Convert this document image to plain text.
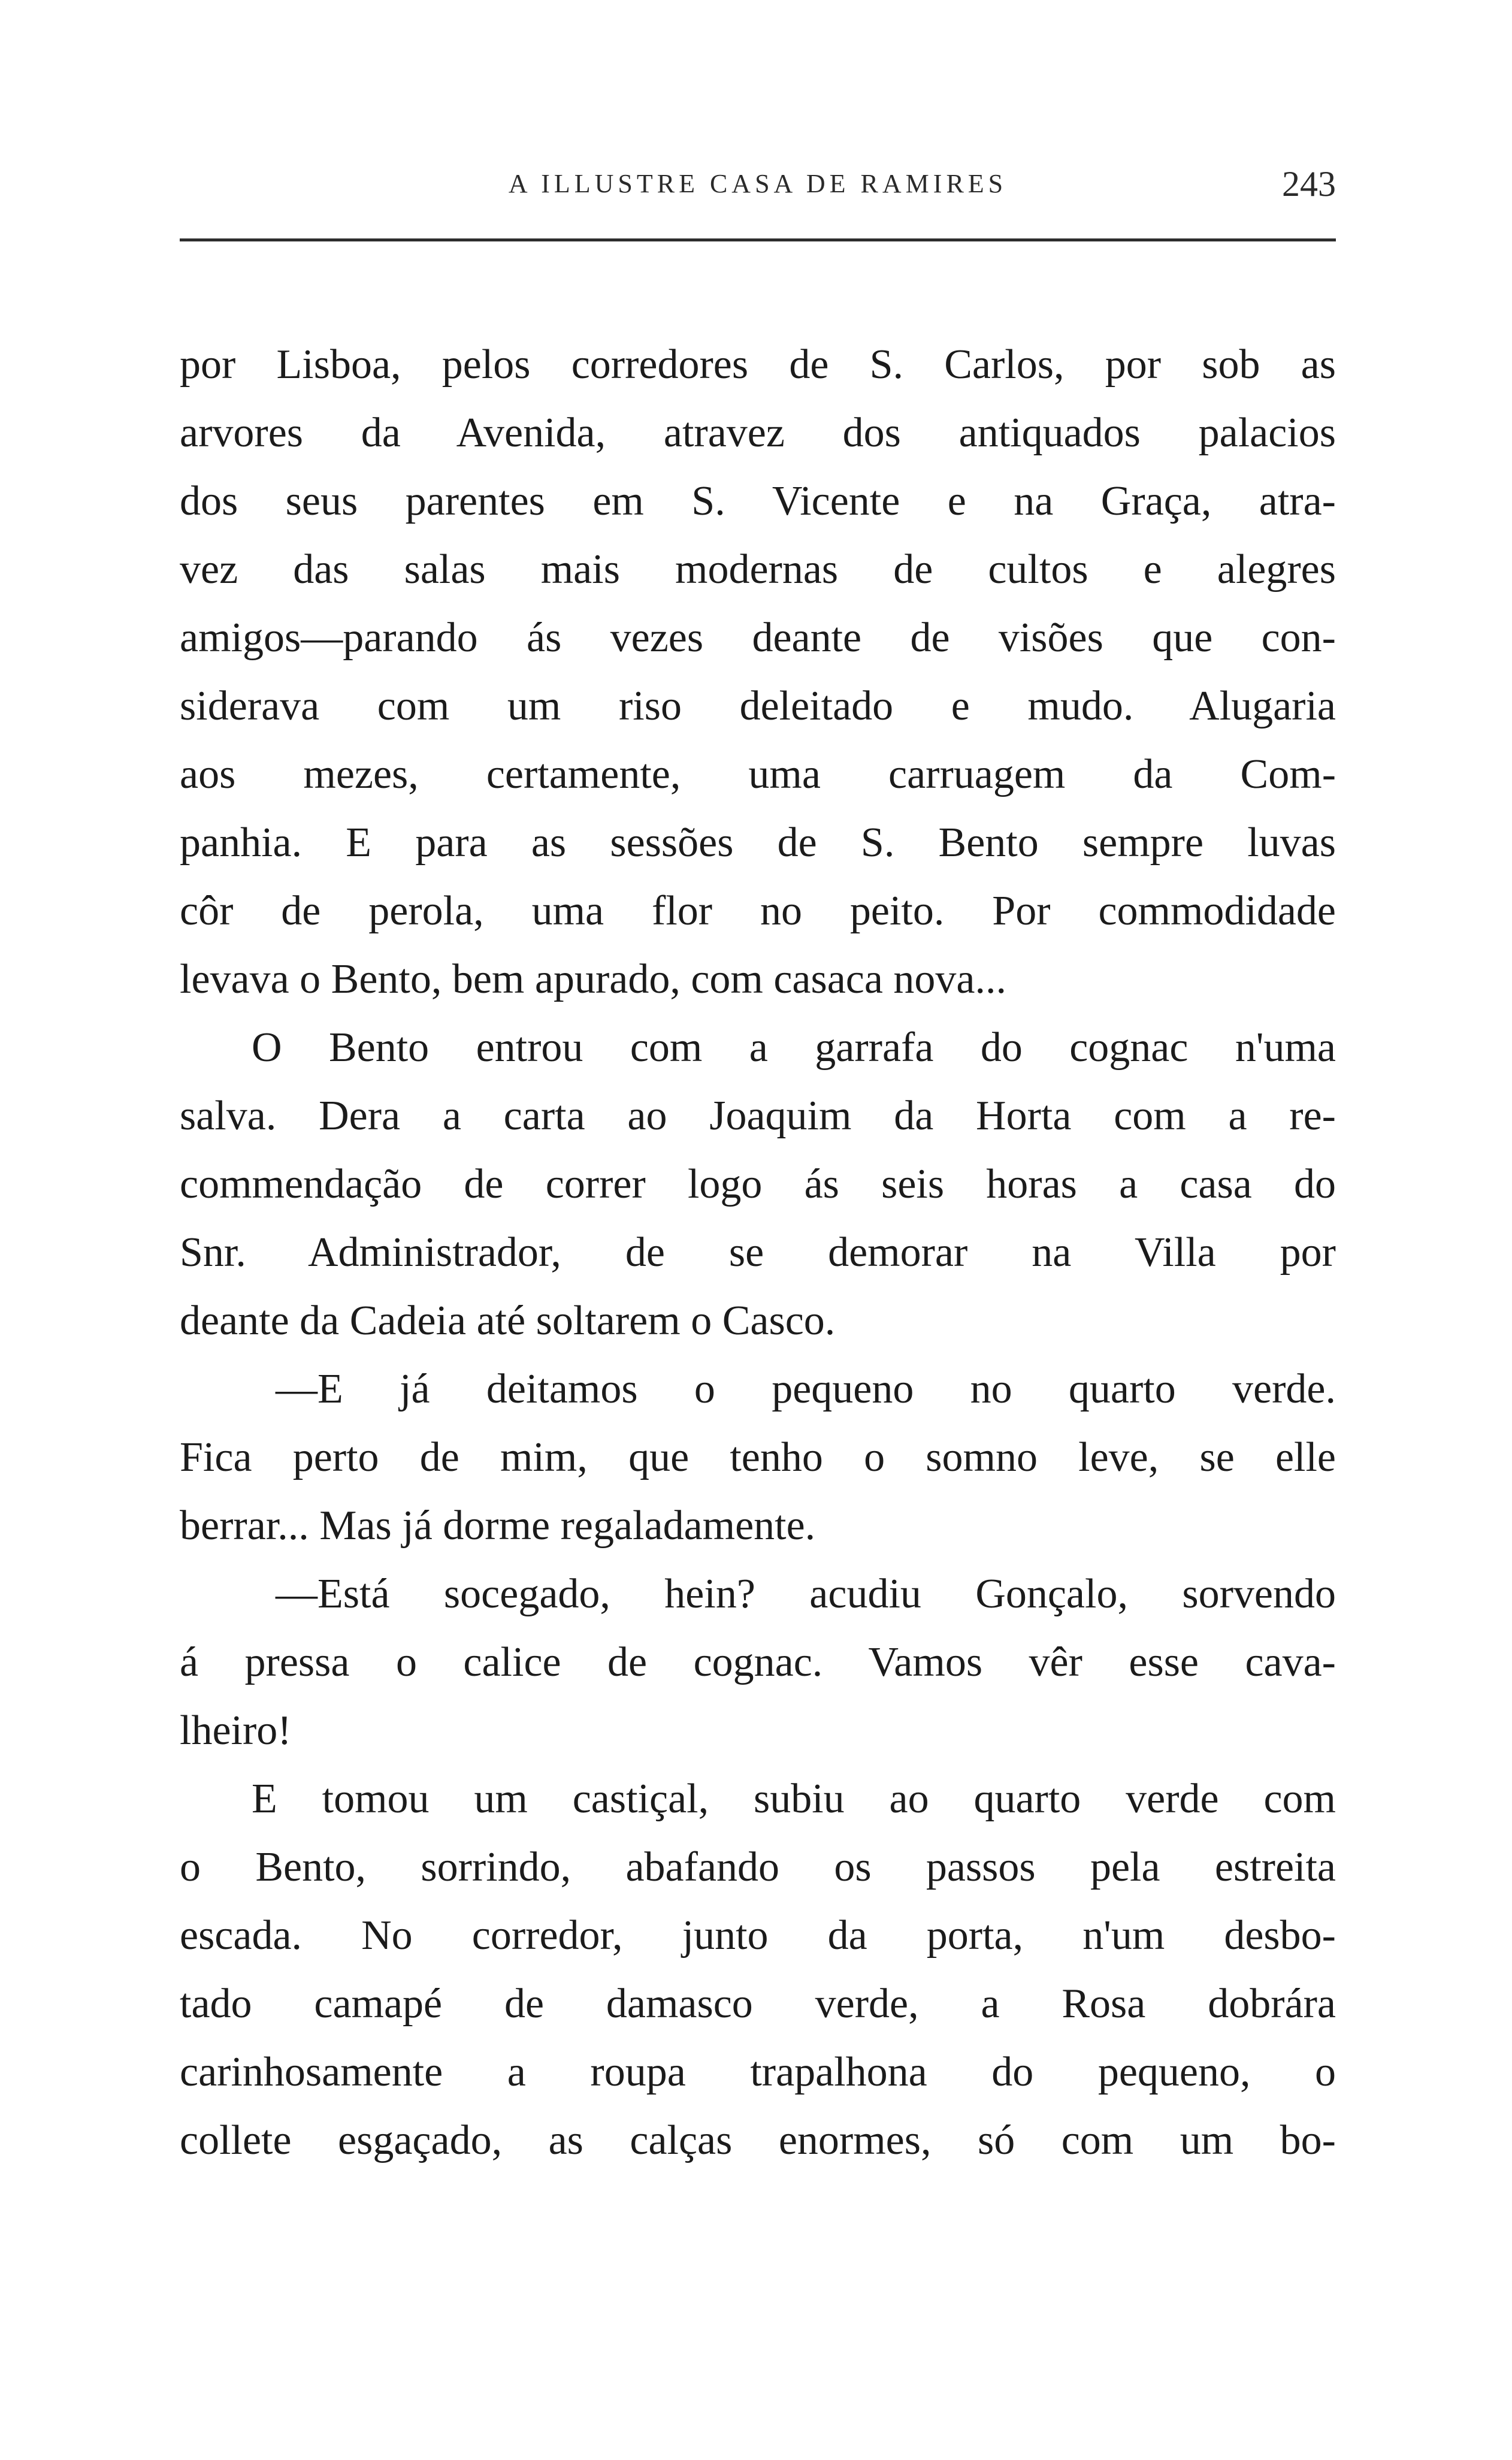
A ILLUSTRE CASA DE RAMIRES	243
por Lisboa, pelos corredores de S. Carlos, por sob as
arvores da Avenida, atravez dos antiquados palacios
dos seus parentes em S. Vicente e na Graça, atra-
vez das salas mais modernas de cultos e alegres
amigos—parando ás vezes deante de visões que con-
siderava com um riso deleitado e mudo. Alugaria
aos mezes, certamente, uma carruagem da Com-
panhia. E para as sessões de S. Bento sempre luvas
côr de perola, uma flor no peito. Por commodidade
levava o Bento, bem apurado, com casaca nova...
O Bento entrou com a garrafa do cognac n'uma
salva. Dera a carta ao Joaquim da Horta com a re-
commendação de correr logo ás seis horas a casa do
Snr. Administrador, de se demorar na Villa por
deante da Cadeia até soltarem o Casco.
—E já deitamos o pequeno no quarto verde.
Fica perto de mim, que tenho o somno leve, se elle
berrar... Mas já dorme regaladamente.
—Está socegado, hein? acudiu Gonçalo, sorvendo
á pressa o calice de cognac. Vamos vêr esse cava-
lheiro!
E tomou um castiçal, subiu ao quarto verde com
o Bento, sorrindo, abafando os passos pela estreita
escada. No corredor, junto da porta, n'um desbo-
tado camapé de damasco verde, a Rosa dobrára
carinhosamente a roupa trapalhona do pequeno, o
collete esgaçado, as calças enormes, só com um bo-
